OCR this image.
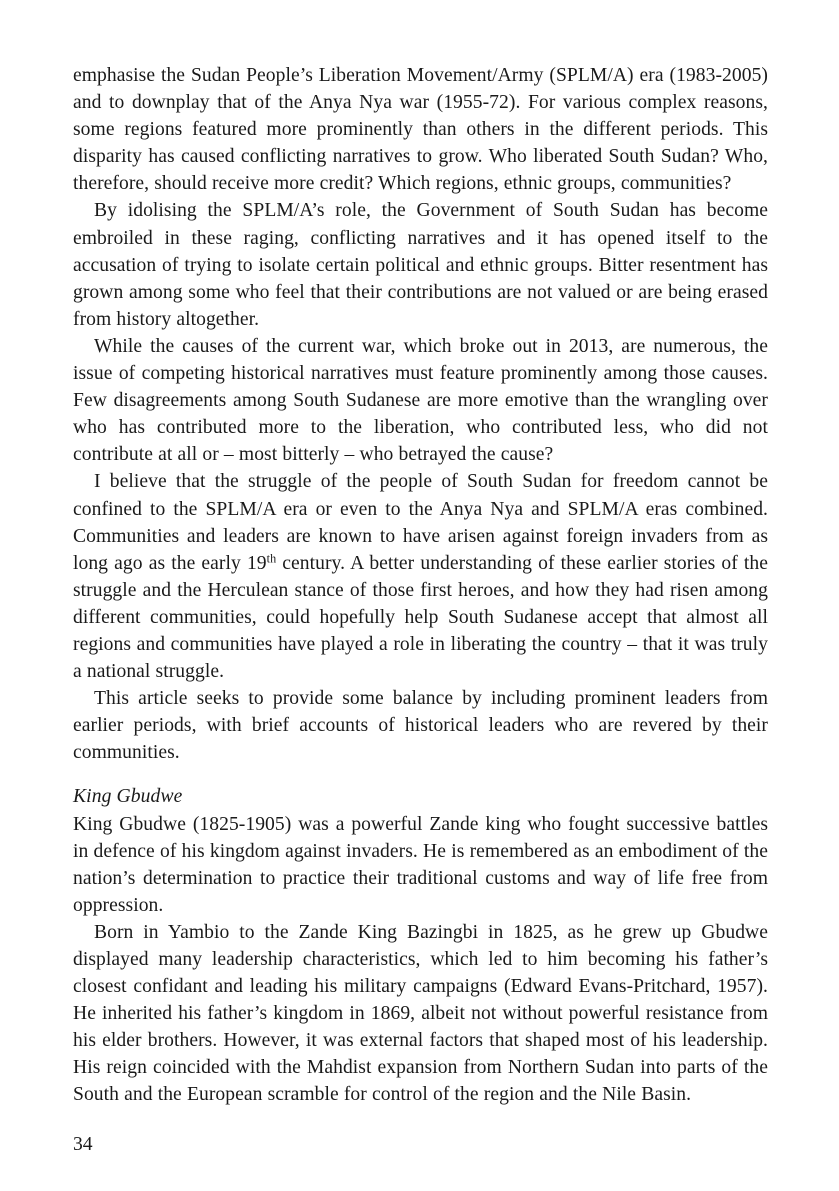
emphasise the Sudan People’s Liberation Movement/Army (SPLM/A) era (1983-2005) and to downplay that of the Anya Nya war (1955-72). For various complex reasons, some regions featured more prominently than others in the different periods. This disparity has caused conflicting narratives to grow. Who liberated South Sudan? Who, therefore, should receive more credit? Which regions, ethnic groups, communities?

By idolising the SPLM/A’s role, the Government of South Sudan has become embroiled in these raging, conflicting narratives and it has opened itself to the accusation of trying to isolate certain political and ethnic groups. Bitter resentment has grown among some who feel that their contributions are not valued or are being erased from history altogether.

While the causes of the current war, which broke out in 2013, are numerous, the issue of competing historical narratives must feature prominently among those causes. Few disagreements among South Sudanese are more emotive than the wrangling over who has contributed more to the liberation, who contributed less, who did not contribute at all or – most bitterly – who betrayed the cause?

I believe that the struggle of the people of South Sudan for freedom cannot be confined to the SPLM/A era or even to the Anya Nya and SPLM/A eras combined. Communities and leaders are known to have arisen against foreign invaders from as long ago as the early 19th century. A better understanding of these earlier stories of the struggle and the Herculean stance of those first heroes, and how they had risen among different communities, could hopefully help South Sudanese accept that almost all regions and communities have played a role in liberating the country – that it was truly a national struggle.

This article seeks to provide some balance by including prominent leaders from earlier periods, with brief accounts of historical leaders who are revered by their communities.

King Gbudwe

King Gbudwe (1825-1905) was a powerful Zande king who fought successive battles in defence of his kingdom against invaders. He is remembered as an embodiment of the nation’s determination to practice their traditional customs and way of life free from oppression.

Born in Yambio to the Zande King Bazingbi in 1825, as he grew up Gbudwe displayed many leadership characteristics, which led to him becoming his father’s closest confidant and leading his military campaigns (Edward Evans-Pritchard, 1957). He inherited his father’s kingdom in 1869, albeit not without powerful resistance from his elder brothers. However, it was external factors that shaped most of his leadership. His reign coincided with the Mahdist expansion from Northern Sudan into parts of the South and the European scramble for control of the region and the Nile Basin.

34
